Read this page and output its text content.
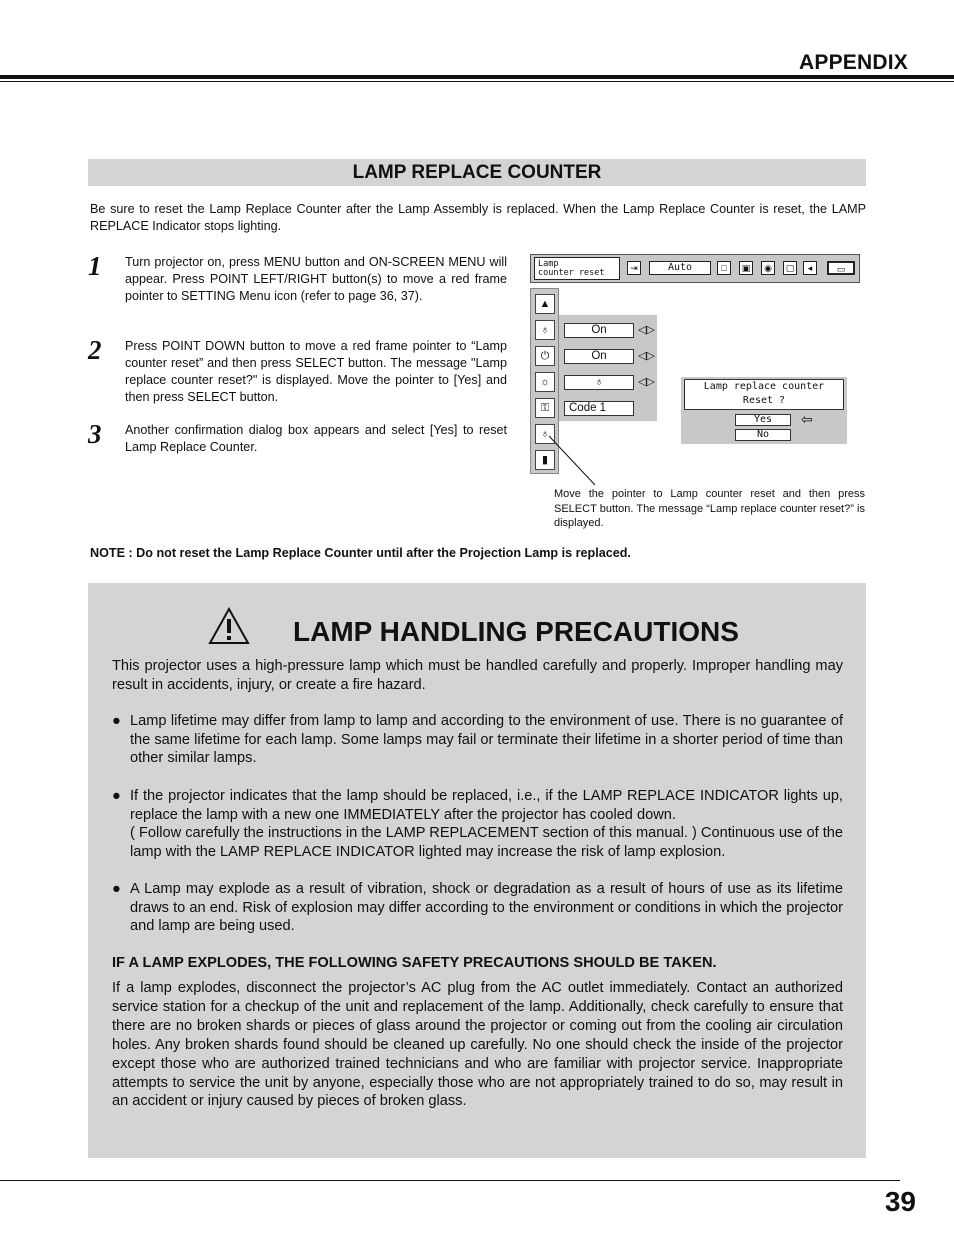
APPENDIX
LAMP REPLACE COUNTER
Be sure to reset the Lamp Replace Counter after the Lamp Assembly is replaced. When the Lamp Replace Counter is reset, the LAMP REPLACE Indicator stops lighting.
1 Turn projector on, press MENU button and ON-SCREEN MENU will appear. Press POINT LEFT/RIGHT button(s) to move a red frame pointer to SETTING Menu icon (refer to page 36, 37).
2 Press POINT DOWN button to move a red frame pointer to “Lamp counter reset” and then press SELECT button. The message "Lamp replace counter reset?" is displayed. Move the pointer to [Yes] and then press SELECT button.
3 Another confirmation dialog box appears and select [Yes] to reset Lamp Replace Counter.
Lamp
counter reset	⇥	Auto	□	▣	◉	▢	◂	▭
▲
♁
⏻
☼
⚿
♁
▮
On	◁▷
On	◁▷
♁	◁▷
Code 1
Lamp replace counter
Reset ?
Yes
No
⇦
Move the pointer to Lamp counter reset and then press SELECT button. The message “Lamp replace counter reset?” is displayed.
NOTE : Do not reset the Lamp Replace Counter until after the Projection Lamp is replaced.
LAMP HANDLING PRECAUTIONS
This projector uses a high-pressure lamp which must be handled carefully and properly. Improper handling may result in accidents, injury, or create a fire hazard.
● Lamp lifetime may differ from lamp to lamp and according to the environment of use. There is no guarantee of the same lifetime for each lamp. Some lamps may fail or terminate their lifetime in a shorter period of time than other similar lamps.
● If the projector indicates that the lamp should be replaced, i.e., if the LAMP REPLACE INDICATOR lights up, replace the lamp with a new one IMMEDIATELY after the projector has cooled down.
( Follow carefully the instructions in the LAMP REPLACEMENT section of this manual. ) Continuous use of the lamp with the LAMP REPLACE INDICATOR lighted may increase the risk of lamp explosion.
● A Lamp may explode as a result of vibration, shock or degradation as a result of hours of use as its lifetime draws to an end. Risk of explosion may differ according to the environment or conditions in which the projector and lamp are being used.
IF A LAMP EXPLODES, THE FOLLOWING SAFETY PRECAUTIONS SHOULD BE TAKEN.
If a lamp explodes, disconnect the projector’s AC plug from the AC outlet immediately. Contact an authorized service station for a checkup of the unit and replacement of the lamp. Additionally, check carefully to ensure that there are no broken shards or pieces of glass around the projector or coming out from the cooling air circulation holes. Any broken shards found should be cleaned up carefully. No one should check the inside of the projector except those who are authorized trained technicians and who are familiar with projector service. Inappropriate attempts to service the unit by anyone, especially those who are not appropriately trained to do so, may result in an accident or injury caused by pieces of broken glass.
39
